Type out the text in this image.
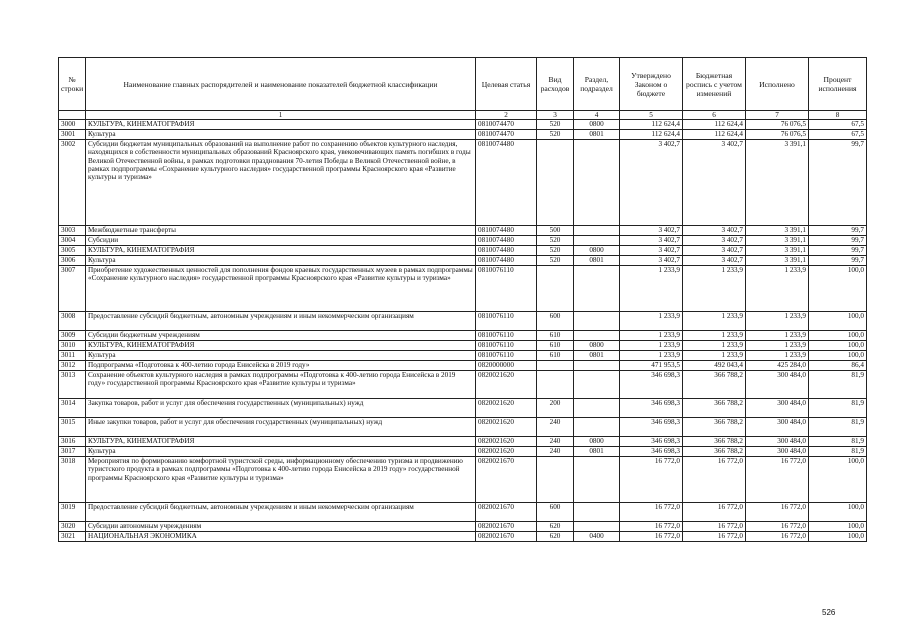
№ строки	Наименование главных распорядителей и наименование показателей бюджетной классификации	Целевая статья	Вид расходов	Раздел, подраздел	Утверждено Законом о бюджете	Бюджетная роспись с учетом изменений	Исполнено	Процент исполнения
	1	2	3	4	5	6	7	8
3000	КУЛЬТУРА, КИНЕМАТОГРАФИЯ	0810074470	520	0800	112 624,4	112 624,4	76 076,5	67,5
3001	Культура	0810074470	520	0801	112 624,4	112 624,4	76 076,5	67,5
3002	Субсидии бюджетам муниципальных образований на выполнение работ по сохранению объектов культурного наследия, находящихся в собственности муниципальных образований Красноярского края, увековечивающих память погибших в годы Великой Отечественной войны, в рамках подготовки празднования 70-летия Победы в Великой Отечественной войне, в рамках подпрограммы «Сохранение культурного наследия» государственной программы Красноярского края «Развитие культуры и туризма»	0810074480			3 402,7	3 402,7	3 391,1	99,7
3003	Межбюджетные трансферты	0810074480	500		3 402,7	3 402,7	3 391,1	99,7
3004	Субсидии	0810074480	520		3 402,7	3 402,7	3 391,1	99,7
3005	КУЛЬТУРА, КИНЕМАТОГРАФИЯ	0810074480	520	0800	3 402,7	3 402,7	3 391,1	99,7
3006	Культура	0810074480	520	0801	3 402,7	3 402,7	3 391,1	99,7
3007	Приобретение художественных ценностей для пополнения фондов краевых государственных музеев в рамках подпрограммы «Сохранение культурного наследия» государственной программы Красноярского края «Развитие культуры и туризма»	0810076110			1 233,9	1 233,9	1 233,9	100,0
3008	Предоставление субсидий бюджетным, автономным учреждениям и иным некоммерческим организациям	0810076110	600		1 233,9	1 233,9	1 233,9	100,0
3009	Субсидии бюджетным учреждениям	0810076110	610		1 233,9	1 233,9	1 233,9	100,0
3010	КУЛЬТУРА, КИНЕМАТОГРАФИЯ	0810076110	610	0800	1 233,9	1 233,9	1 233,9	100,0
3011	Культура	0810076110	610	0801	1 233,9	1 233,9	1 233,9	100,0
3012	Подпрограмма «Подготовка к 400-летию города Енисейска в 2019 году»	0820000000			471 953,5	492 043,4	425 284,0	86,4
3013	Сохранение объектов культурного наследия в рамках подпрограммы «Подготовка к 400-летию города Енисейска в 2019 году» государственной программы Красноярского края «Развитие культуры и туризма»	0820021620			346 698,3	366 788,2	300 484,0	81,9
3014	Закупка товаров, работ и услуг для обеспечения государственных (муниципальных) нужд	0820021620	200		346 698,3	366 788,2	300 484,0	81,9
3015	Иные закупки товаров, работ и услуг для обеспечения государственных (муниципальных) нужд	0820021620	240		346 698,3	366 788,2	300 484,0	81,9
3016	КУЛЬТУРА, КИНЕМАТОГРАФИЯ	0820021620	240	0800	346 698,3	366 788,2	300 484,0	81,9
3017	Культура	0820021620	240	0801	346 698,3	366 788,2	300 484,0	81,9
3018	Мероприятия по формированию комфортной туристской среды, информационному обеспечению туризма и продвижению туристского продукта в рамках подпрограммы «Подготовка к 400-летию города Енисейска в 2019 году» государственной программы Красноярского края «Развитие культуры и туризма»	0820021670			16 772,0	16 772,0	16 772,0	100,0
3019	Предоставление субсидий бюджетным, автономным учреждениям и иным некоммерческим организациям	0820021670	600		16 772,0	16 772,0	16 772,0	100,0
3020	Субсидии автономным учреждениям	0820021670	620		16 772,0	16 772,0	16 772,0	100,0
3021	НАЦИОНАЛЬНАЯ ЭКОНОМИКА	0820021670	620	0400	16 772,0	16 772,0	16 772,0	100,0
526
